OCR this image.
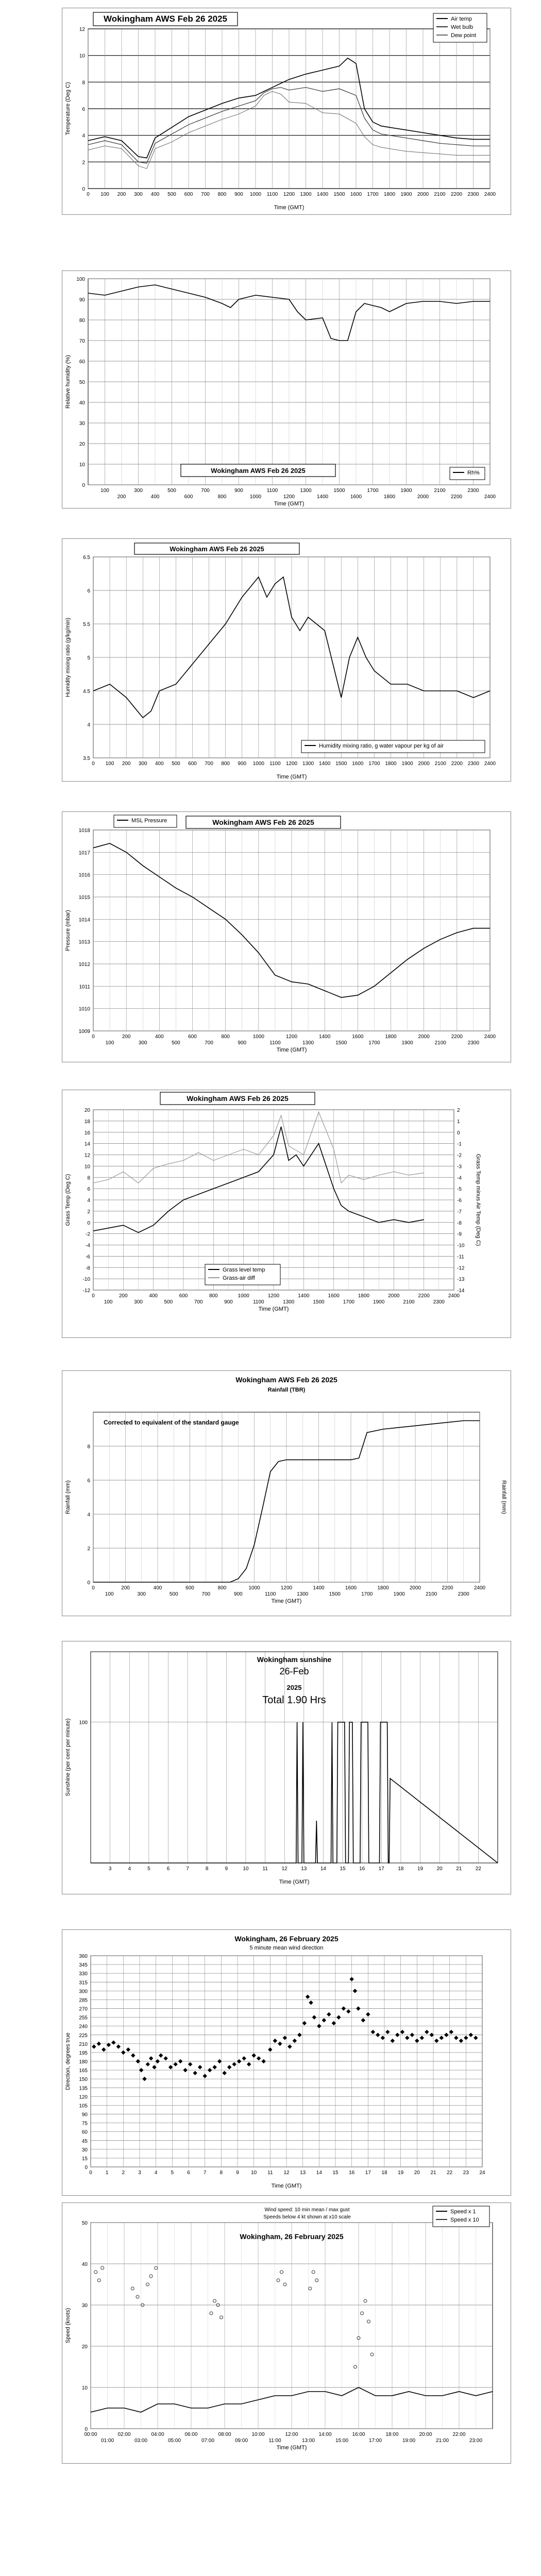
0
2
4
6
8
10
12
0 100 200 300 400 500 600 700 800 900 1000 1100 1200 1300 1400 1500 1600 1700 1800 1900 2000 2100 2200 2300 2400
Time (GMT)
Temperature (Deg C)
Wokingham AWS Feb 26 2025	Air temp
Wet bulb
Dew point
0
10
20
30
40
50
60
70
80
90
100
100	300	500	700	900	1100	1300	1500	1700	1900	2100	2300
200	400	600	800	1000	1200	1400	1600	1800	2000	2200	2400
Time (GMT)
Relative humidity (%)
Wokingham AWS Feb 26 2025	Rh%
3.5
4
4.5
5
5.5
6
6.5
0 100 200 300 400 500 600 700 800 900 1000 1100 1200 1300 1400 1500 1600 1700 1800 1900 2000 2100 2200 2300 2400
Time (GMT)
Humidity mixing ratio (g/kg/min)
Wokingham AWS Feb 26 2025
Humidity mixing ratio, g water vapour per kg of air
1009
1010
1011
1012
1013
1014
1015
1016
1017
1018
0	200	400	600	800	1000	1200	1400	1600	1800	2000	2200	2400
100	300	500	700	900	1100	1300	1500	1700	1900	2100	2300
Time (GMT)
Pressure (mbar)
Wokingham AWS Feb 26 2025
MSL Pressure
-12
-10
-8
-6
-4
-2
0
2
4
6
8
10
12
14
16
18
20
-14
-13
-12
-11
-10
-9
-8
-7
-6
-5
-4
-3
-2
-1
0
1
2
0	200	400	600	800	1000	1200	1400	1600	1800	2000	2200	2400
100	300	500	700	900	1100	1300	1500	1700	1900	2100	2300
Time (GMT)
Grass Temp (Deg C)	Grass Temp minus Air Temp (Deg C)
Wokingham AWS Feb 26 2025
Grass level temp
Grass-air diff
0
2
4
6
8
0	200	400	600	800	1000	1200	1400	1600	1800	2000	2200	2400
100	300	500	700	900	1100	1300	1500	1700	1900	2100	2300
Time (GMT)
Rainfall (mm)	Rainfall (mm)
Wokingham AWS Feb 26 2025
Rainfall (TBR)
Corrected to equivalent of the standard gauge
100
3	4	5	6	7	8	9	10	11	12	13	14	15	16	17	18	19	20	21	22
Time (GMT)
Sunshine (per cent per minute)
Wokingham sunshine
26-Feb
2025
Total 1.90 Hrs
0
15
30
45
60
75
90
105
120
135
150
165
180
195
210
225
240
255
270
285
300
315
330
345
360
0	1	2	3	4	5	6	7	8	9 10 11 12 13 14 15 16 17 18 19 20 21 22 23 24
Time (GMT)
Direction, degrees true
Wokingham, 26 February 2025
5 minute mean wind direction
0
10
20
30
40
50
00:00	02:00	04:00	06:00	08:00	10:00	12:00	14:00	16:00	18:00	20:00	22:00
01:00	03:00	05:00	07:00	09:00	11:00	13:00	15:00	17:00	19:00	21:00	23:00
Time (GMT)
Speed (knots)
Wokingham, 26 February 2025
Wind speed: 10 min mean / max gust
Speeds below 4 kt shown at x10 scale
Speed x 1
Speed x 10
